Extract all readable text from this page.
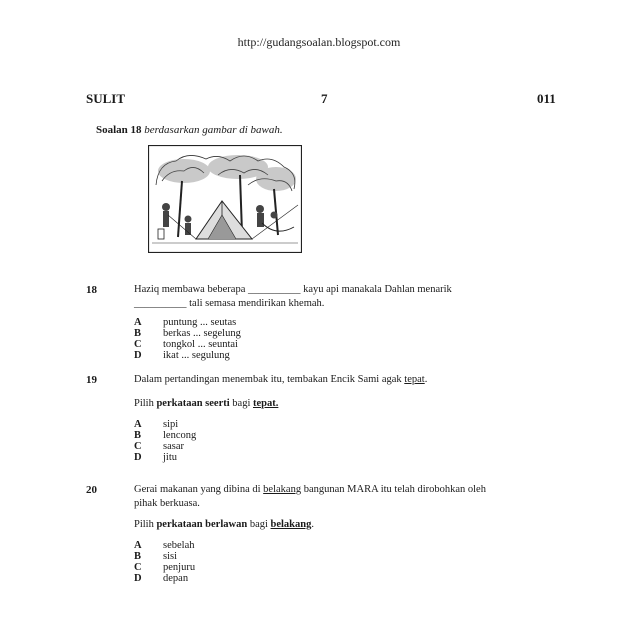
http://gudangsoalan.blogspot.com
SULIT	7	011
Soalan 18 berdasarkan gambar di bawah.
18	Haziq membawa beberapa __________ kayu api manakala Dahlan menarik
__________ tali semasa mendirikan khemah.
A puntung ... seutas
B berkas ... segelung
C tongkol ... seuntai
D ikat ... segulung
19	Dalam pertandingan menembak itu, tembakan Encik Sami agak tepat.
Pilih perkataan seerti bagi tepat.
A sipi
B lencong
C sasar
D jitu
20	Gerai makanan yang dibina di belakang bangunan MARA itu telah dirobohkan oleh
pihak berkuasa.
Pilih perkataan berlawan bagi belakang.
A sebelah
B sisi
C penjuru
D depan
